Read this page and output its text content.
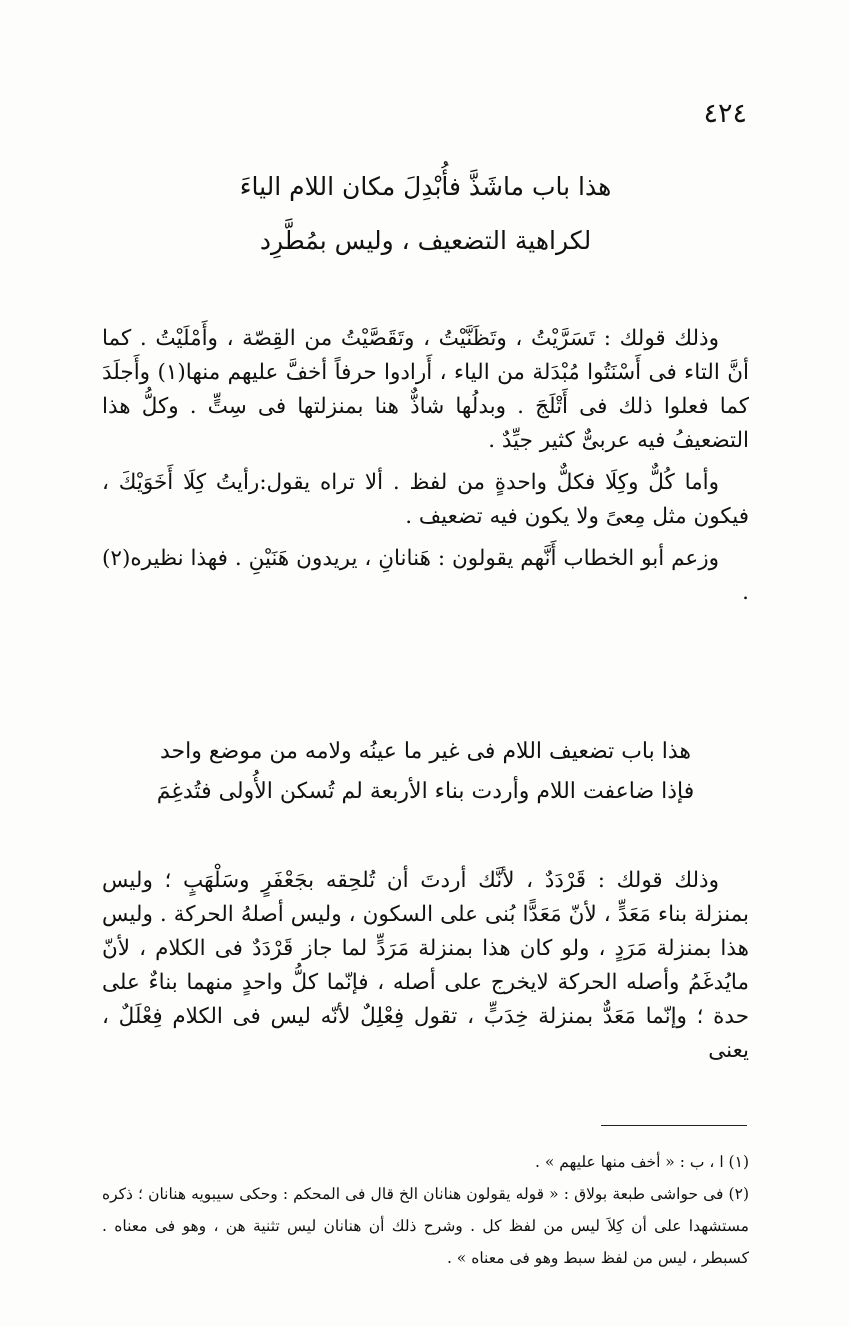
٤٢٤

هذا باب ماشَذَّ فأُبْدِلَ مكان اللام الياءَ

لكراهية التضعيف ، وليس بمُطَّرِد

وذلك قولك : تَسَرَّيْتُ ، وتَظَنَّيْتُ ، وتَقَصَّيْتُ من القِصّة ، وأَمْلَيْتُ . كما أنَّ التاء فى أَسْنَتُوا مُبْدَلة من الياء ، أَرادوا حرفاً أخفَّ عليهم منها(١) وأَجلَدَ كما فعلوا ذلك فى أَتْلَجَ . وبدلُها شاذٌّ هنا بمنزلتها فى سِتٍّ . وكلُّ هذا التضعيفُ فيه عربىٌّ كثير جيِّدٌ .

وأما كُلٌّ وكِلَا فكلٌّ واحدةٍ من لفظ . ألا تراه يقول:رأيتُ كِلَا أَخَوَيْكَ ، فيكون مثل مِعىً ولا يكون فيه تضعيف .

وزعم أبو الخطاب أَنَّهم يقولون : هَنانانِ ، يريدون هَنَيْنِ . فهذا نظيره(٢) .

هذا باب تضعيف اللام فى غير ما عينُه ولامه من موضع واحد

فإذا ضاعفت اللام وأردت بناء الأربعة لم تُسكن الأُولى فتُدغِمَ

وذلك قولك : قَرْدَدٌ ، لأنَّك أردتَ أن تُلحِقه بجَعْفَرٍ وسَلْهَبٍ ؛ وليس بمنزلة بناء مَعَدٍّ ، لأنّ مَعَدًّا بُنى على السكون ، وليس أصلهُ الحركة . وليس هذا بمنزلة مَرَدٍ ، ولو كان هذا بمنزلة مَرَدٍّ لما جاز قَرْدَدٌ فى الكلام ، لأنّ مايُدغَمُ وأصله الحركة لايخرج على أصله ، فإنّما كلُّ واحدٍ منهما بناءٌ على حدة ؛ وإنّما مَعَدٌّ بمنزلة خِدَبٍّ ، تقول فِعْلِلٌ لأنّه ليس فى الكلام فِعْلَلٌ ، يعنى

(١) ا ، ب : « أخف منها عليهم » .

(٢) فى حواشى طبعة بولاق : « قوله يقولون هنانان الخ قال فى المحكم : وحكى سيبويه هنانان ؛ ذكره مستشهدا على أن كِلاَ ليس من لفظ كل . وشرح ذلك أن هنانان ليس تثنية هن ، وهو فى معناه . كسبطر ، ليس من لفظ سبط وهو فى معناه » .
